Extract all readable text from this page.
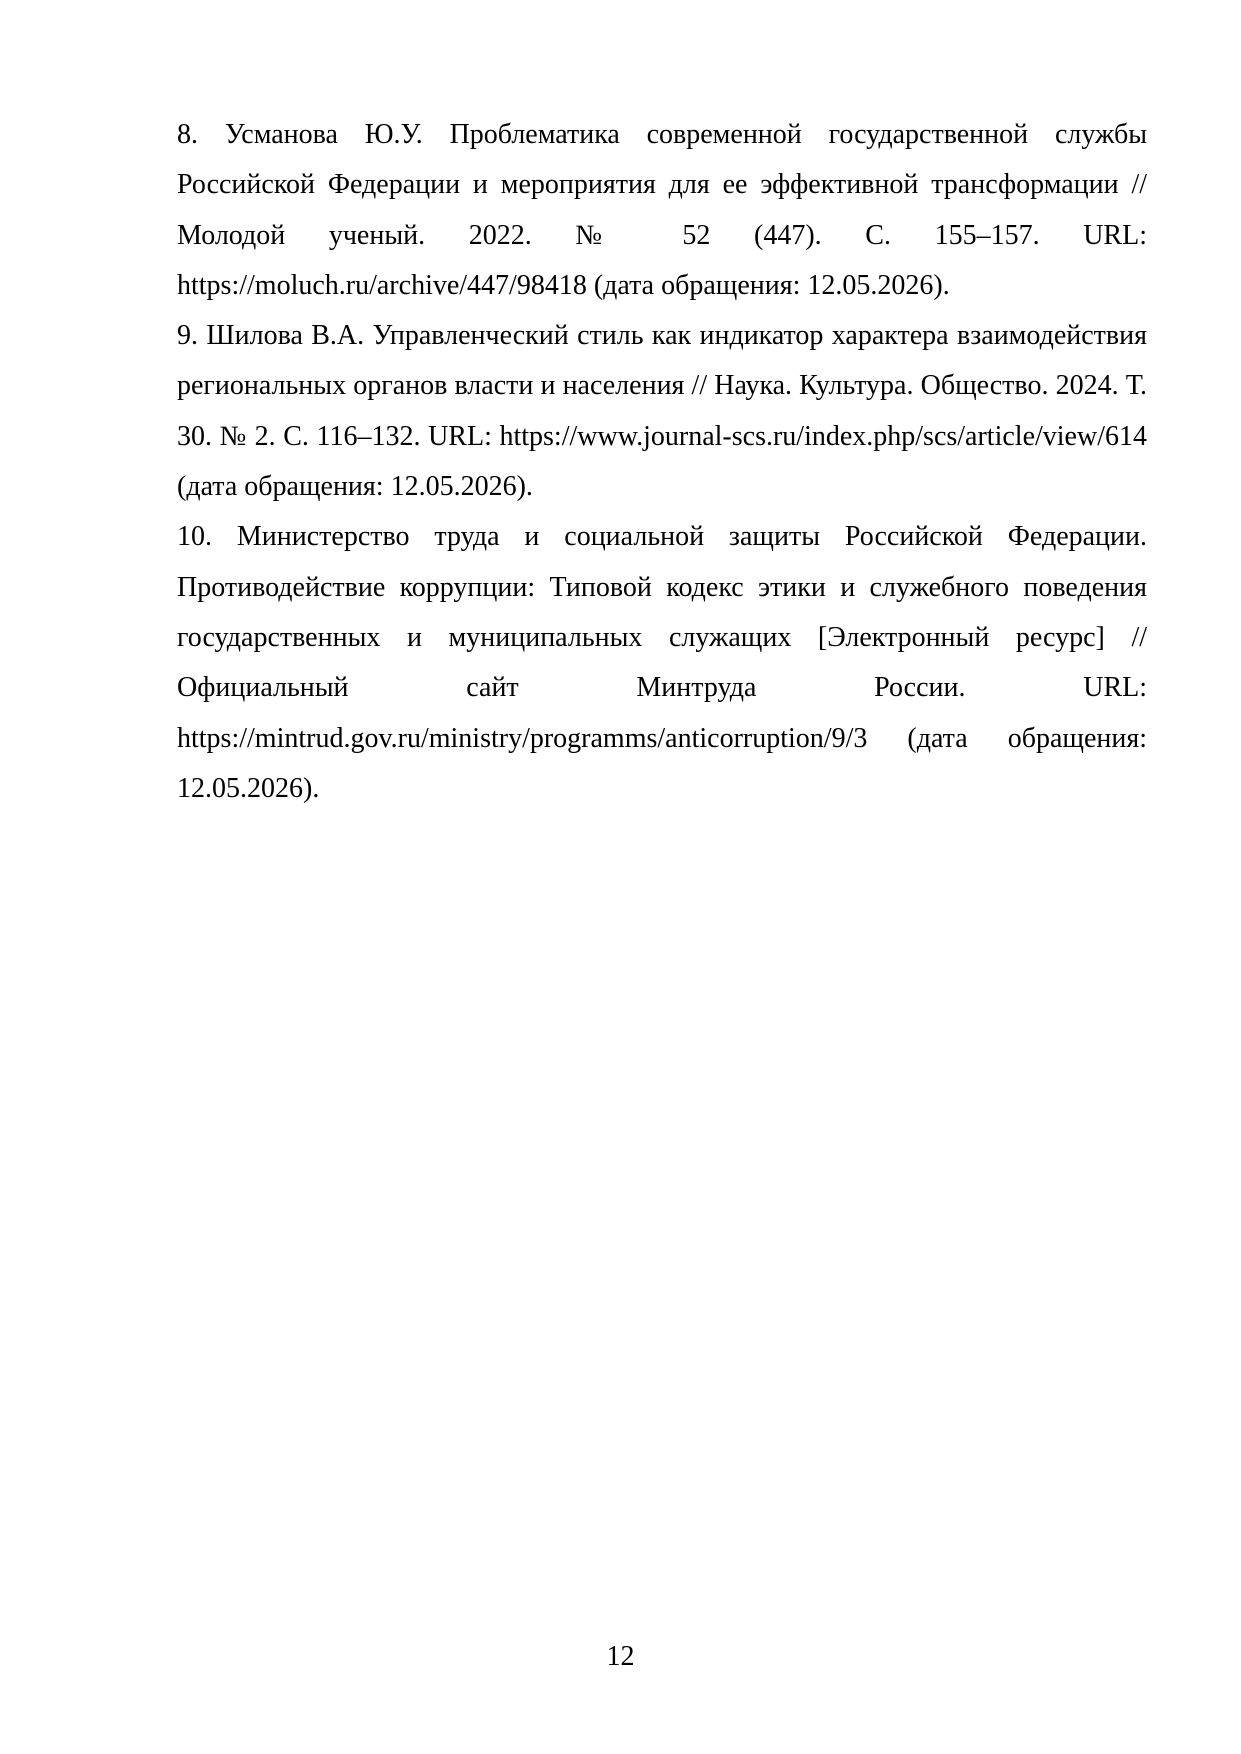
8. Усманова Ю.У. Проблематика современной государственной службы Российской Федерации и мероприятия для ее эффективной трансформации // Молодой ученый. 2022. № 52 (447). С. 155–157. URL: https://moluch.ru/archive/447/98418 (дата обращения: 12.05.2026).

9. Шилова В.А. Управленческий стиль как индикатор характера взаимодействия региональных органов власти и населения // Наука. Культура. Общество. 2024. Т. 30. № 2. С. 116–132. URL: https://www.journal-scs.ru/index.php/scs/article/view/614 (дата обращения: 12.05.2026).

10. Министерство труда и социальной защиты Российской Федерации. Противодействие коррупции: Типовой кодекс этики и служебного поведения государственных и муниципальных служащих [Электронный ресурс] // Официальный сайт Минтруда России. URL: https://mintrud.gov.ru/ministry/programms/anticorruption/9/3 (дата обращения: 12.05.2026).

12
